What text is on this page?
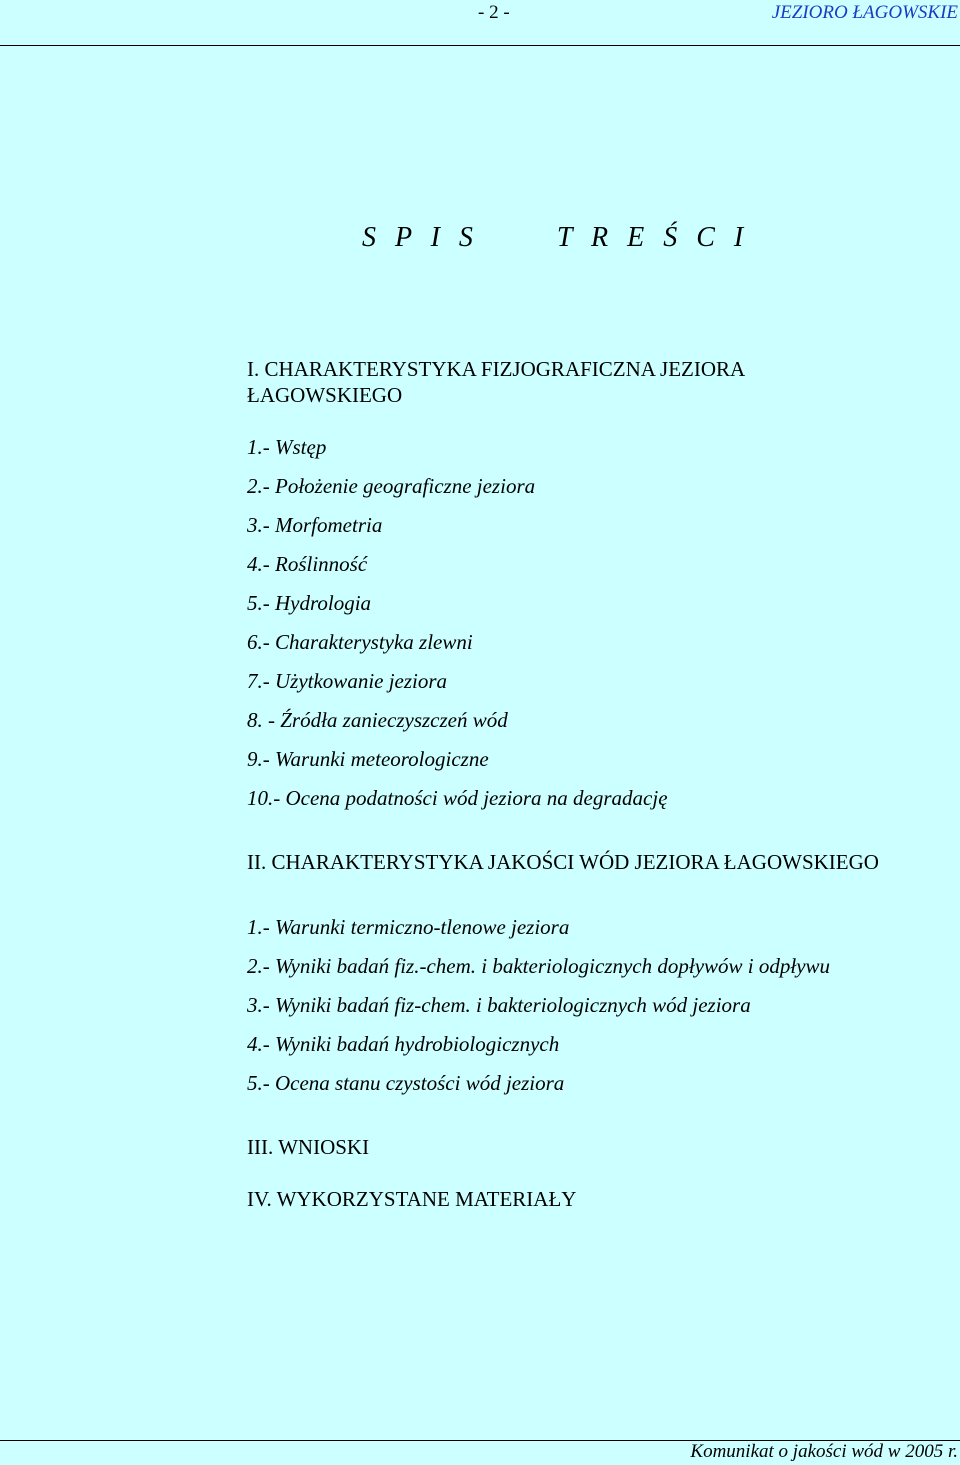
- 2 -	JEZIORO ŁAGOWSKIE
S P I S      T R E Ś C I
I. CHARAKTERYSTYKA FIZJOGRAFICZNA JEZIORA
ŁAGOWSKIEGO
1.- Wstęp
2.- Położenie geograficzne jeziora
3.- Morfometria
4.- Roślinność
5.- Hydrologia
6.- Charakterystyka zlewni
7.- Użytkowanie jeziora
8. - Źródła zanieczyszczeń wód
9.- Warunki meteorologiczne
10.- Ocena podatności wód jeziora na degradację
II. CHARAKTERYSTYKA JAKOŚCI WÓD JEZIORA ŁAGOWSKIEGO
1.- Warunki termiczno-tlenowe jeziora
2.- Wyniki badań fiz.-chem. i bakteriologicznych dopływów i odpływu
3.- Wyniki badań fiz-chem. i bakteriologicznych wód jeziora
4.- Wyniki badań hydrobiologicznych
5.- Ocena stanu czystości wód jeziora
III. WNIOSKI
IV. WYKORZYSTANE MATERIAŁY
Komunikat o jakości wód w 2005 r.
